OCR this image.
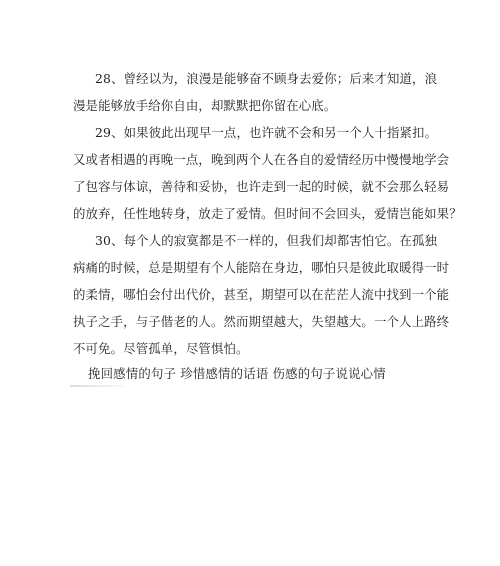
28、曾经以为，浪漫是能够奋不顾身去爱你；后来才知道，浪
漫是能够放手给你自由，却默默把你留在心底。
29、如果彼此出现早一点，也许就不会和另一个人十指紧扣。
又或者相遇的再晚一点，晚到两个人在各自的爱情经历中慢慢地学会
了包容与体谅，善待和妥协，也许走到一起的时候，就不会那么轻易
的放弃，任性地转身，放走了爱情。但时间不会回头，爱情岂能如果？
30、每个人的寂寞都是不一样的，但我们却都害怕它。在孤独
病痛的时候，总是期望有个人能陪在身边，哪怕只是彼此取暖得一时
的柔情，哪怕会付出代价，甚至，期望可以在茫茫人流中找到一个能
执子之手，与子偕老的人。然而期望越大，失望越大。一个人上路终
不可免。尽管孤单，尽管惧怕。
挽回感情的句子 珍惜感情的话语 伤感的句子说说心情
